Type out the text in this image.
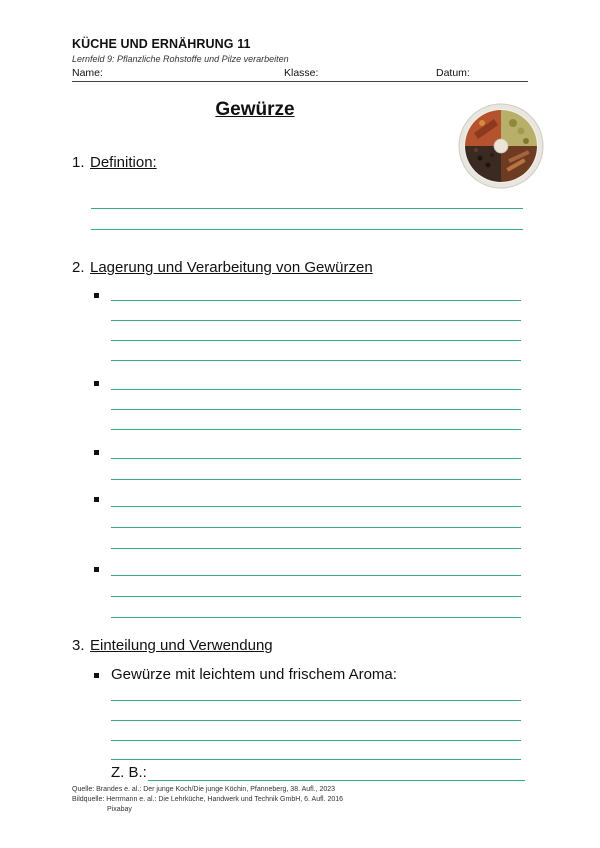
KÜCHE UND ERNÄHRUNG 11
Lernfeld 9: Pflanzliche Rohstoffe und Pilze verarbeiten
Name:	Klasse:	Datum:
Gewürze
1. Definition:
2. Lagerung und Verarbeitung von Gewürzen
3. Einteilung und Verwendung
Gewürze mit leichtem und frischem Aroma:
Z. B.:
Quelle: Brandes e. al.: Der junge Koch/Die junge Köchin, Pfanneberg, 38. Aufl., 2023
Bildquelle: Herrmann e. al.: Die Lehrküche, Handwerk und Technik GmbH, 6. Aufl. 2016
Pixabay
